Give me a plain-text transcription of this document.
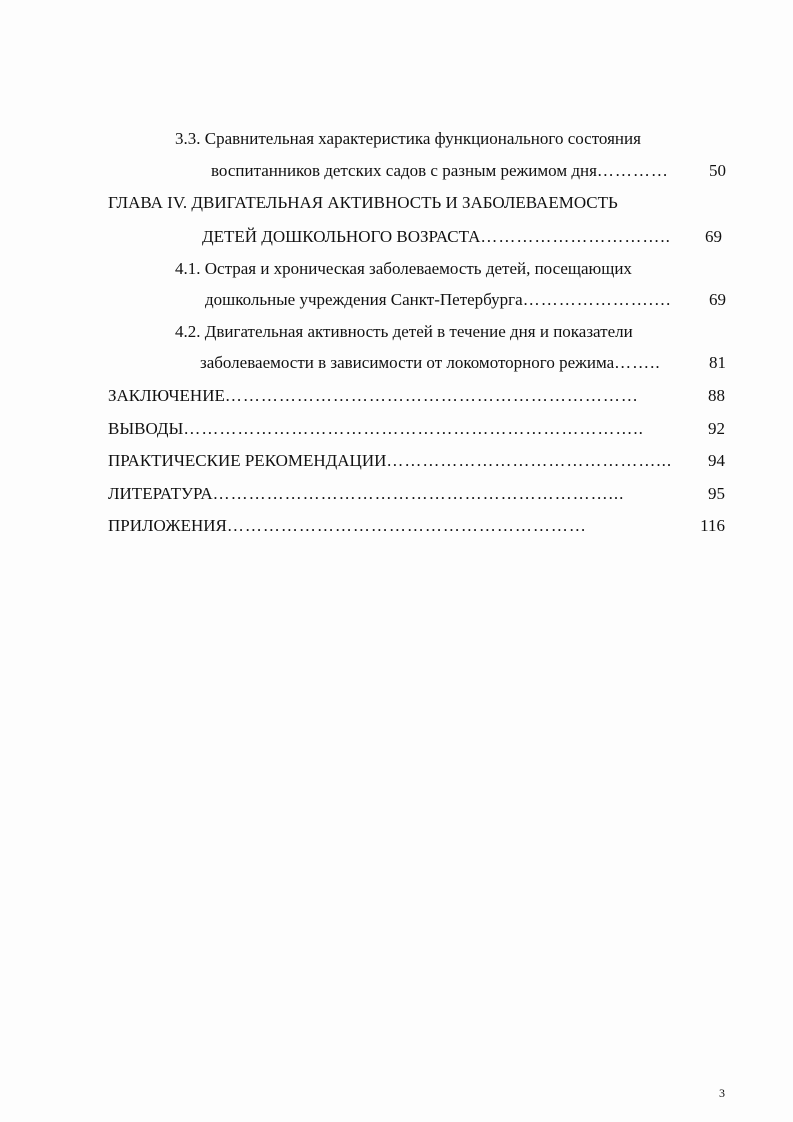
3.3. Сравнительная характеристика функционального состояния
воспитанников детских садов с разным режимом дня …………	50
ГЛАВА IV. ДВИГАТЕЛЬНАЯ АКТИВНОСТЬ И ЗАБОЛЕВАЕМОСТЬ
ДЕТЕЙ ДОШКОЛЬНОГО ВОЗРАСТА …………………………..	69
4.1. Острая и хроническая заболеваемость детей, посещающих
дошкольные учреждения Санкт-Петербурга ………………….…	69
4.2. Двигательная активность детей в течение дня и показатели
заболеваемости в зависимости от локомоторного режима ……..	81
ЗАКЛЮЧЕНИЕ ……………………………………………………………	88
ВЫВОДЫ …………………………………………………………………..	92
ПРАКТИЧЕСКИЕ РЕКОМЕНДАЦИИ ………………………………………...	94
ЛИТЕРАТУРА …………………………………………………………...	95
ПРИЛОЖЕНИЯ ……………………………………………………	116
3
